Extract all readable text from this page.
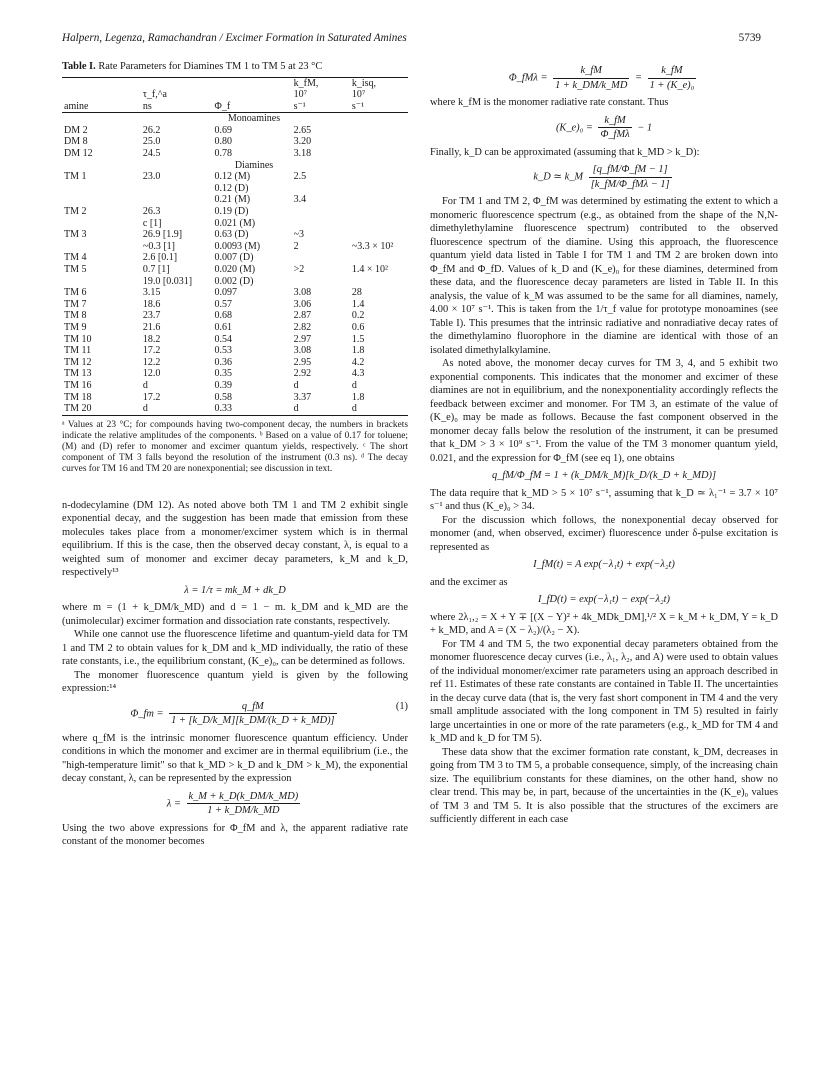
Halpern, Legenza, Ramachandran / Excimer Formation in Saturated Amines	5739
Table I. Rate Parameters for Diamines TM 1 to TM 5 at 23 °C
			k_fM,	k_isq,
	τ_f,^a		10⁷	10⁷
amine	ns	Φ_f	s⁻¹	s⁻¹
Monoamines				
DM 2	26.2	0.69	2.65	
DM 8	25.0	0.80	3.20	
DM 12	24.5	0.78	3.18	
Diamines				
TM 1	23.0	0.12 (M)	2.5	
		0.12 (D)		
		0.21 (M)	3.4	
TM 2	26.3	0.19 (D)		
	c [1]	0.021 (M)		
TM 3	26.9 [1.9]	0.63 (D)	~3	
	~0.3 [1]	0.0093 (M)	2	~3.3 × 10²
TM 4	2.6 [0.1]	0.007 (D)		
TM 5	0.7 [1]	0.020 (M)	>2	1.4 × 10²
	19.0 [0.031]	0.002 (D)		
TM 6	3.15	0.097	3.08	28
TM 7	18.6	0.57	3.06	1.4
TM 8	23.7	0.68	2.87	0.2
TM 9	21.6	0.61	2.82	0.6
TM 10	18.2	0.54	2.97	1.5
TM 11	17.2	0.53	3.08	1.8
TM 12	12.2	0.36	2.95	4.2
TM 13	12.0	0.35	2.92	4.3
TM 16	d	0.39	d	d
TM 18	17.2	0.58	3.37	1.8
TM 20	d	0.33	d	d
ᵃ Values at 23 °C; for compounds having two-component decay, the numbers in brackets indicate the relative amplitudes of the components. ᵇ Based on a value of 0.17 for toluene; (M) and (D) refer to monomer and excimer quantum yields, respectively. ᶜ The short component of TM 3 falls beyond the resolution of the instrument (0.3 ns). ᵈ The decay curves for TM 16 and TM 20 are nonexponential; see discussion in text.

n-dodecylamine (DM 12). As noted above both TM 1 and TM 2 exhibit single exponential decay, and the suggestion has been made that emission from these molecules takes place from a monomer/excimer system which is in thermal equilibrium. If this is the case, then the observed decay constant, λ, is equal to a weighted sum of monomer and excimer decay parameters, k_M and k_D, respectively¹³

λ = 1/τ = mk_M + dk_D

where m = (1 + k_DM/k_MD) and d = 1 − m. k_DM and k_MD are the (unimolecular) excimer formation and dissociation rate constants, respectively.

While one cannot use the fluorescence lifetime and quantum-yield data for TM 1 and TM 2 to obtain values for k_DM and k_MD individually, the ratio of these rate constants, i.e., the equilibrium constant, (K_e)₀, can be determined as follows.

The monomer fluorescence quantum yield is given by the following expression:¹⁴

Φ_fm = $\frac{q\_fM}{1 + [k\_D/k\_M][k\_DM/(k\_D + k\_MD)]}$	(1)

where q_fM is the intrinsic monomer fluorescence quantum efficiency. Under conditions in which the monomer and excimer are in thermal equilibrium (i.e., the "high-temperature limit" so that k_MD > k_D and k_DM > k_M), the exponential decay constant, λ, can be represented by the expression

$\lambda = \frac{k\_M + k\_D(k\_DM/k\_MD)}{1 + k\_DM/k\_MD}$

Using the two above expressions for Φ_fM and λ, the apparent radiative rate constant of the monomer becomes

Φ_fMλ = $\frac{k\_fM}{1 + k\_DM/k\_MD} = \frac{k\_fM}{\text{1 + (K\_e)₀}}$

where k_fM is the monomer radiative rate constant. Thus

(K_e)₀ = $\frac{k\_fM}{\text{Φ\_fMλ}} - 1$

Finally, k_D can be approximated (assuming that k_MD > k_D):

k_D ≃ k_M $\frac{[q\_fM/\Phi\_fM - 1]}{\text{[k\_fM/Φ\_fMλ − 1]}}$

For TM 1 and TM 2, Φ_fM was determined by estimating the extent to which a monomeric fluorescence spectrum (e.g., as obtained from the shape of the N,N-dimethylethylamine fluorescence spectrum) contributed to the observed fluorescence spectrum of the diamine. Using this approach, the fluorescence quantum yield data listed in Table I for TM 1 and TM 2 are broken down into Φ_fM and Φ_fD. Values of k_D and (K_e)₀ for these diamines, determined from these data, and the fluorescence decay parameters are listed in Table II. In this analysis, the value of k_M was assumed to be the same for all diamines, namely, 4.00 × 10⁷ s⁻¹. This is taken from the 1/τ_f value for prototype monoamines (see Table I). This presumes that the intrinsic radiative and nonradiative decay rates of the dimethylamino fluorophore in the diamine are identical with those of an isolated dimethylalkylamine.

As noted above, the monomer decay curves for TM 3, 4, and 5 exhibit two exponential components. This indicates that the monomer and excimer of these diamines are not in equilibrium, and the nonexponentiality accordingly reflects the feedback between excimer and monomer. For TM 3, an estimate of the value of (K_e)₀ may be made as follows. Because the fast component observed in the monomer decay falls below the resolution of the instrument, it can be presumed that k_DM > 3 × 10⁹ s⁻¹. From the value of the TM 3 monomer quantum yield, 0.021, and the expression for Φ_fM (see eq 1), one obtains

q_fM/Φ_fM = 1 + (k_DM/k_M)[k_D/(k_D + k_MD)]

The data require that k_MD > 5 × 10⁷ s⁻¹, assuming that k_D ≃ λ₁⁻¹ = 3.7 × 10⁷ s⁻¹ and thus (K_e)₀ > 34.

For the discussion which follows, the nonexponential decay observed for monomer (and, when observed, excimer) fluorescence under δ-pulse excitation is represented as

I_fM(t) = A exp(−λ₁t) + exp(−λ₂t)

and the excimer as

I_fD(t) = exp(−λ₁t) − exp(−λ₂t)

where 2λ₁,₂ = X + Y ∓ [(X − Y)² + 4k_MDk_DM],¹/² X = k_M + k_DM, Y = k_D + k_MD, and A = (X − λ₂)/(λ₂ − X).

For TM 4 and TM 5, the two exponential decay parameters obtained from the monomer fluorescence decay curves (i.e., λ₁, λ₂, and A) were used to obtain values of the individual monomer/excimer rate parameters using an approach described in ref 11. Estimates of these rate constants are contained in Table II. The uncertainties in the decay curve data (that is, the very fast short component in TM 4 and the very small amplitude associated with the long component in TM 5) resulted in fairly large uncertainties in one or more of the rate parameters (e.g., k_MD for TM 4 and k_MD and k_D for TM 5).

These data show that the excimer formation rate constant, k_DM, decreases in going from TM 3 to TM 5, a probable consequence, simply, of the increasing chain size. The equilibrium constants for these diamines, on the other hand, show no clear trend. This may be, in part, because of the uncertainties in the (K_e)₀ values of TM 3 and TM 5. It is also possible that the structures of the excimers are sufficiently different in each case
